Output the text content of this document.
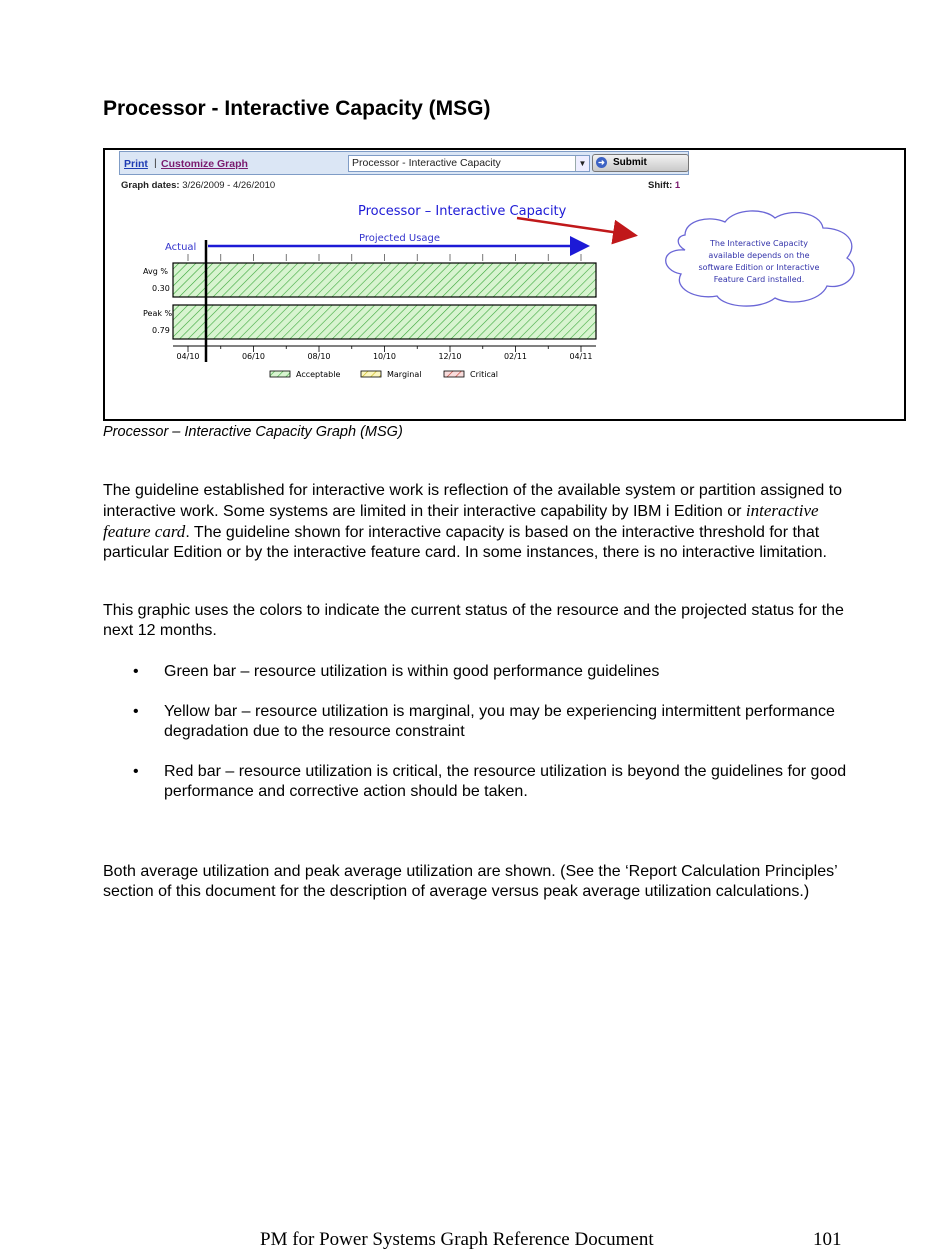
Processor - Interactive Capacity (MSG)
Print | Customize Graph	Processor - Interactive Capacity	▼	➜ Submit
Graph dates: 3/26/2009 - 4/26/2010	Shift: 1
Processor – Interactive Capacity
Actual
Projected Usage	The Interactive Capacity
available depends on the
software Edition or Interactive
Feature Card installed.
Avg %
0.30
Peak %
0.79
04/10	06/10	08/10	10/10	12/10	02/11	04/11
Acceptable	Marginal	Critical

Processor – Interactive Capacity Graph (MSG)

The guideline established for interactive work is reflection of the available system or partition assigned to interactive work. Some systems are limited in their interactive capability by IBM i Edition or interactive feature card. The guideline shown for interactive capacity is based on the interactive threshold for that particular Edition or by the interactive feature card. In some instances, there is no interactive limitation.

This graphic uses the colors to indicate the current status of the resource and the projected status for the next 12 months.

• Green bar – resource utilization is within good performance guidelines
• Yellow bar – resource utilization is marginal, you may be experiencing intermittent performance degradation due to the resource constraint
• Red bar – resource utilization is critical, the resource utilization is beyond the guidelines for good performance and corrective action should be taken.

Both average utilization and peak average utilization are shown. (See the ‘Report Calculation Principles’ section of this document for the description of average versus peak average utilization calculations.)

PM for Power Systems Graph Reference Document	101
